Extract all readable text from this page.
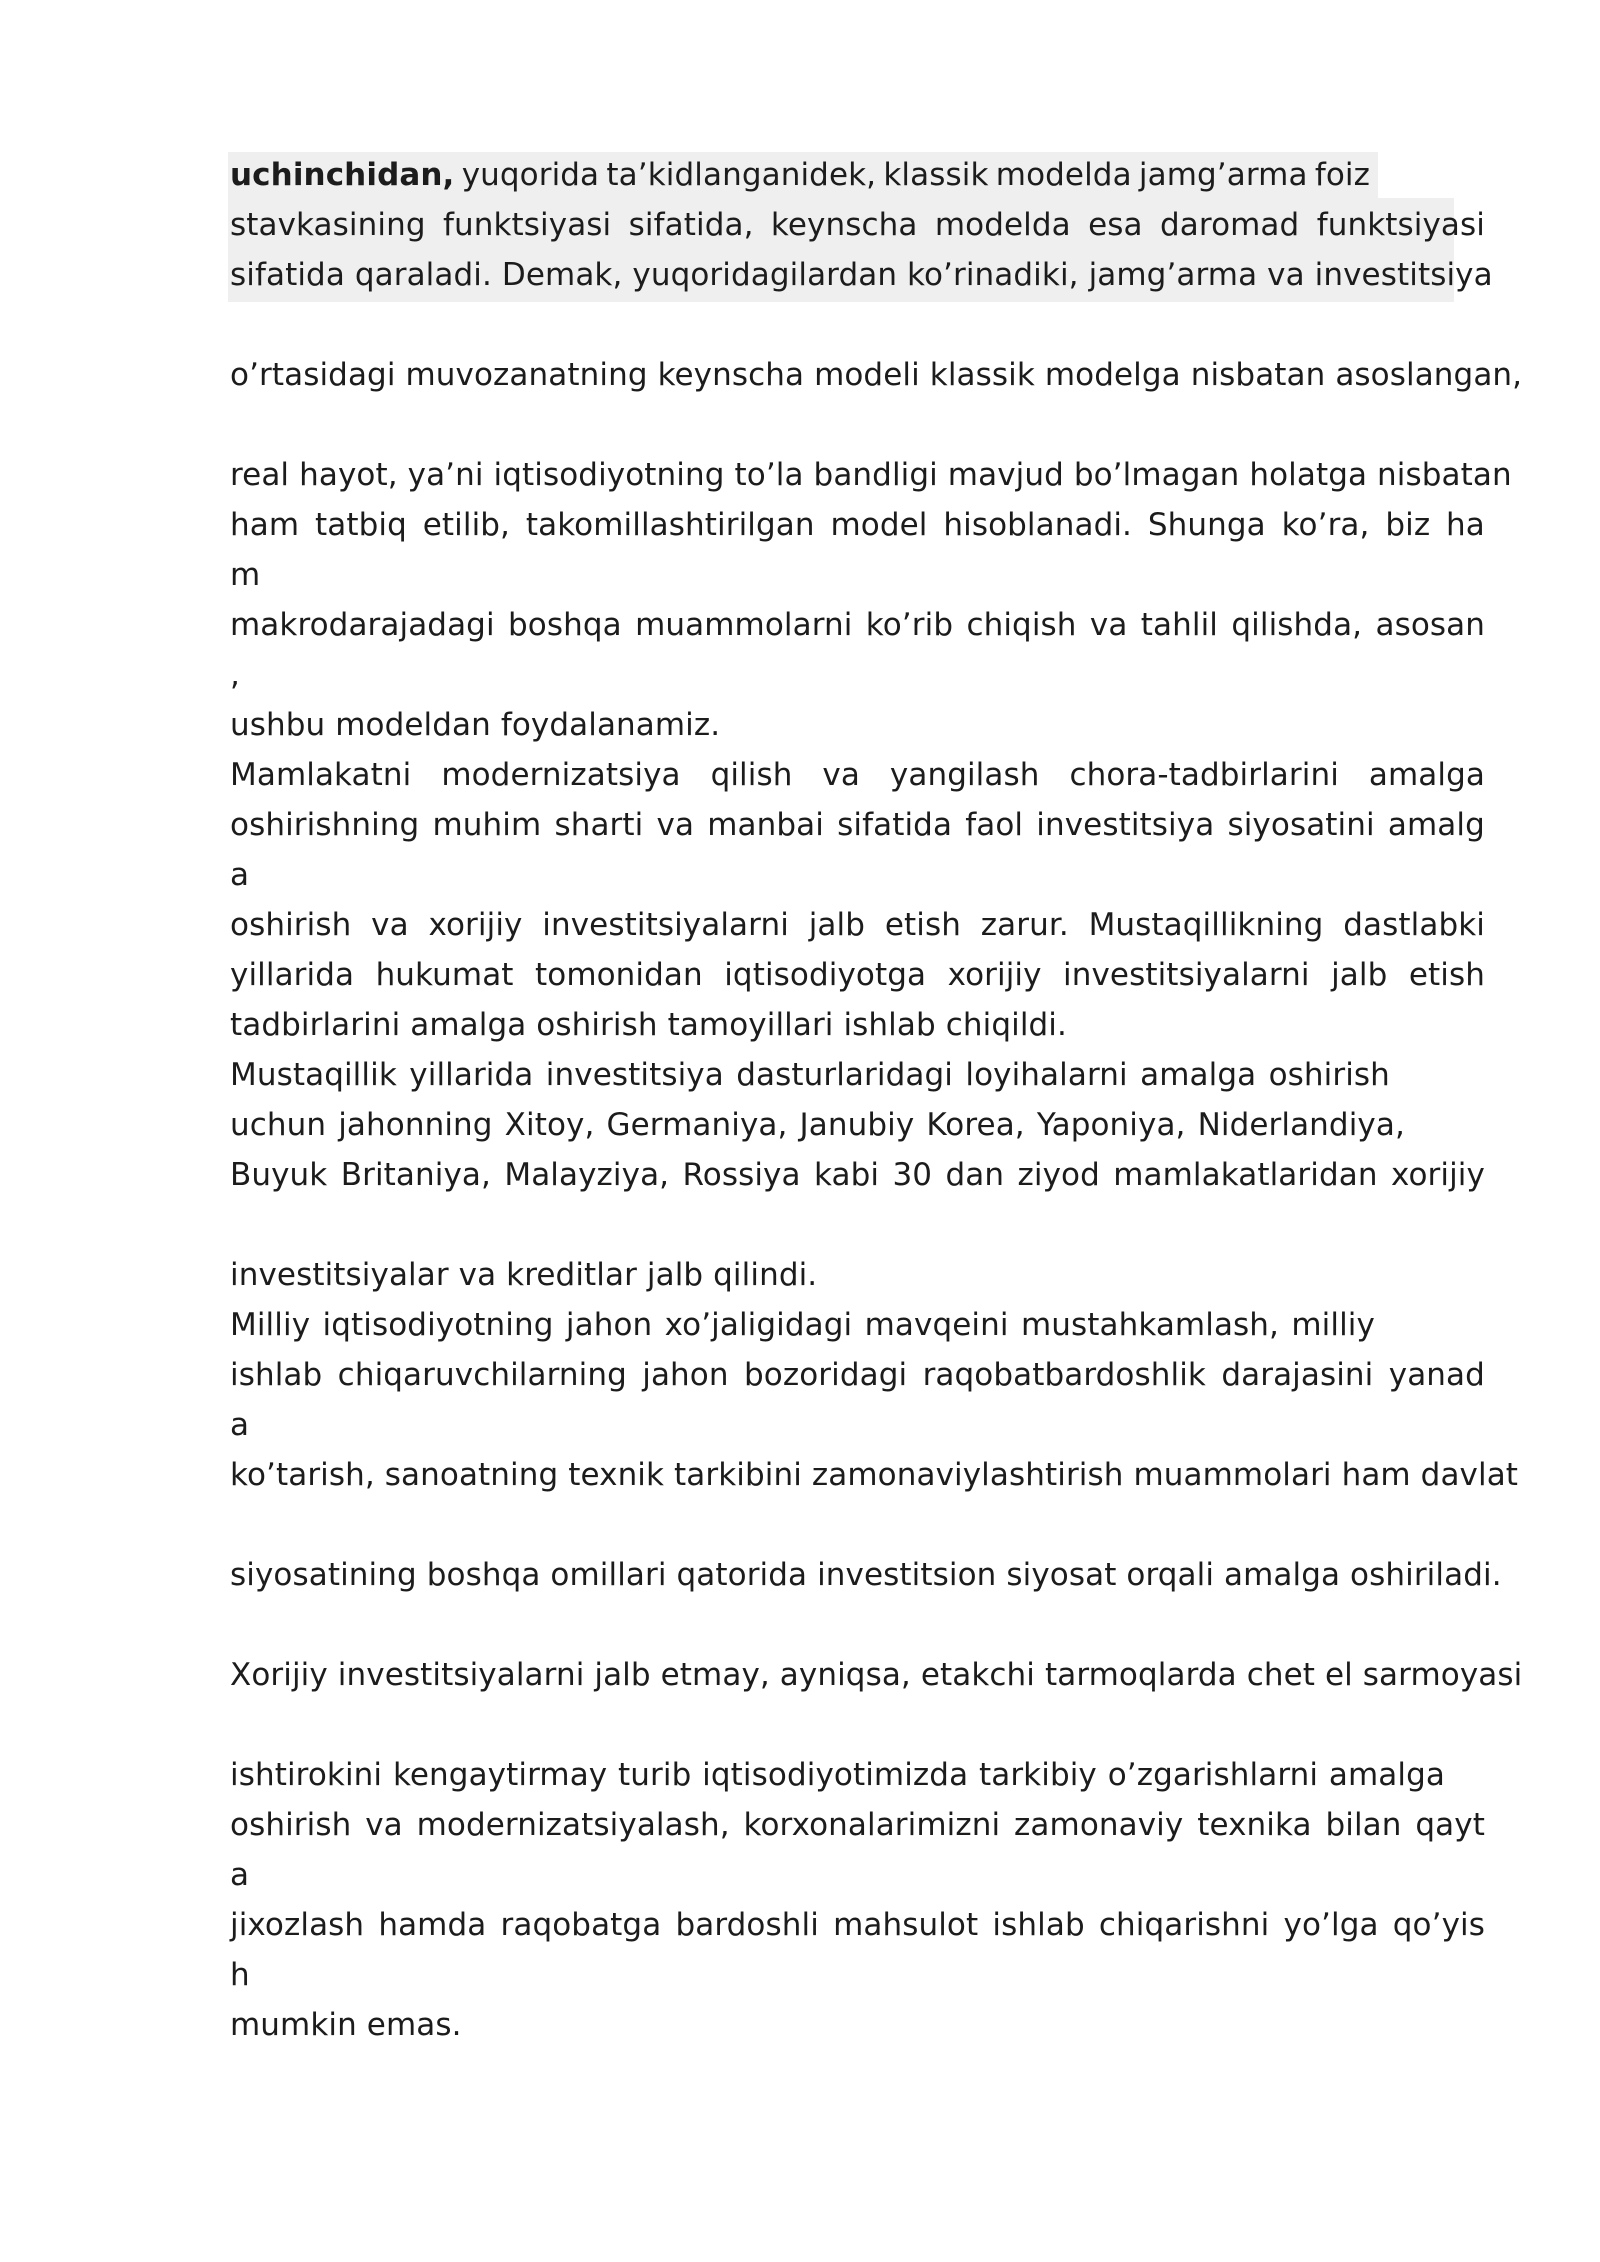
uchinchidan, yuqorida ta’kidlanganidek, klassik modelda jamg’arma foiz
stavkasining funktsiyasi sifatida, keynscha modelda esa daromad funktsiyasi
sifatida qaraladi. Demak, yuqoridagilardan ko’rinadiki, jamg’arma va investitsiya
o’rtasidagi muvozanatning keynscha modeli klassik modelga nisbatan asoslangan,
real hayot, ya’ni iqtisodiyotning to’la bandligi mavjud bo’lmagan holatga nisbatan
ham tatbiq etilib, takomillashtirilgan model hisoblanadi. Shunga ko’ra, biz ha
m
makrodarajadagi boshqa muammolarni ko’rib chiqish va tahlil qilishda, asosan
,
ushbu modeldan foydalanamiz.
Mamlakatni modernizatsiya qilish va yangilash chora-tadbirlarini amalga
oshirishning muhim sharti va manbai sifatida faol investitsiya siyosatini amalg
a
oshirish va xorijiy investitsiyalarni jalb etish zarur. Mustaqillikning dastlabki
yillarida hukumat tomonidan iqtisodiyotga xorijiy investitsiyalarni jalb etish
tadbirlarini amalga oshirish tamoyillari ishlab chiqildi.
Mustaqillik yillarida investitsiya dasturlaridagi loyihalarni amalga oshirish
uchun jahonning Xitoy, Germaniya, Janubiy Korea, Yaponiya, Niderlandiya,
Buyuk Britaniya, Malayziya, Rossiya kabi 30 dan ziyod mamlakatlaridan xorijiy
investitsiyalar va kreditlar jalb qilindi.
Milliy iqtisodiyotning jahon xo’jaligidagi mavqeini mustahkamlash, milliy
ishlab chiqaruvchilarning jahon bozoridagi raqobatbardoshlik darajasini yanad
a
ko’tarish, sanoatning texnik tarkibini zamonaviylashtirish muammolari ham davlat
siyosatining boshqa omillari qatorida investitsion siyosat orqali amalga oshiriladi.
Xorijiy investitsiyalarni jalb etmay, ayniqsa, etakchi tarmoqlarda chet el sarmoyasi
ishtirokini kengaytirmay turib iqtisodiyotimizda tarkibiy o’zgarishlarni amalga
oshirish va modernizatsiyalash, korxonalarimizni zamonaviy texnika bilan qayt
a
jixozlash hamda raqobatga bardoshli mahsulot ishlab chiqarishni yo’lga qo’yis
h
mumkin emas.
